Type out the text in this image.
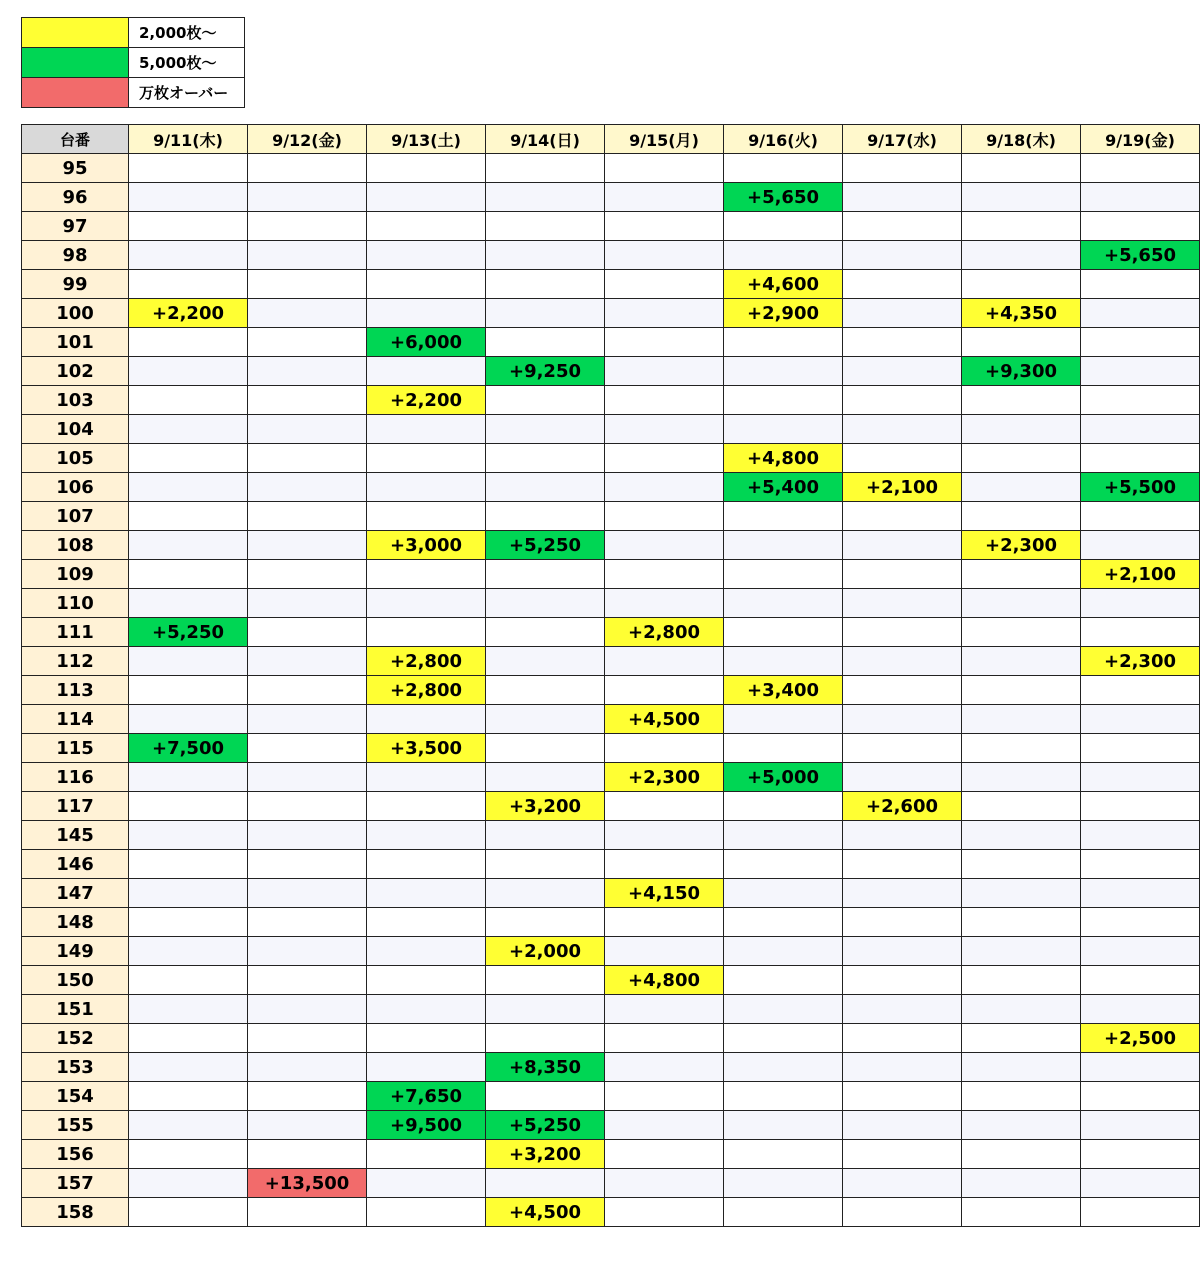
	2,000枚〜
	5,000枚〜
	万枚オーバー
台番	9/11(木)	9/12(金)	9/13(土)	9/14(日)	9/15(月)	9/16(火)	9/17(水)	9/18(木)	9/19(金)
95									
96						+5,650			
97									
98									+5,650
99						+4,600			
100	+2,200					+2,900		+4,350	
101			+6,000						
102				+9,250				+9,300	
103			+2,200						
104									
105						+4,800			
106						+5,400	+2,100		+5,500
107									
108			+3,000	+5,250				+2,300	
109									+2,100
110									
111	+5,250				+2,800				
112			+2,800						+2,300
113			+2,800			+3,400			
114					+4,500				
115	+7,500		+3,500						
116					+2,300	+5,000			
117				+3,200			+2,600		
145									
146									
147					+4,150				
148									
149				+2,000					
150					+4,800				
151									
152									+2,500
153				+8,350					
154			+7,650						
155			+9,500	+5,250					
156				+3,200					
157		+13,500							
158				+4,500					
